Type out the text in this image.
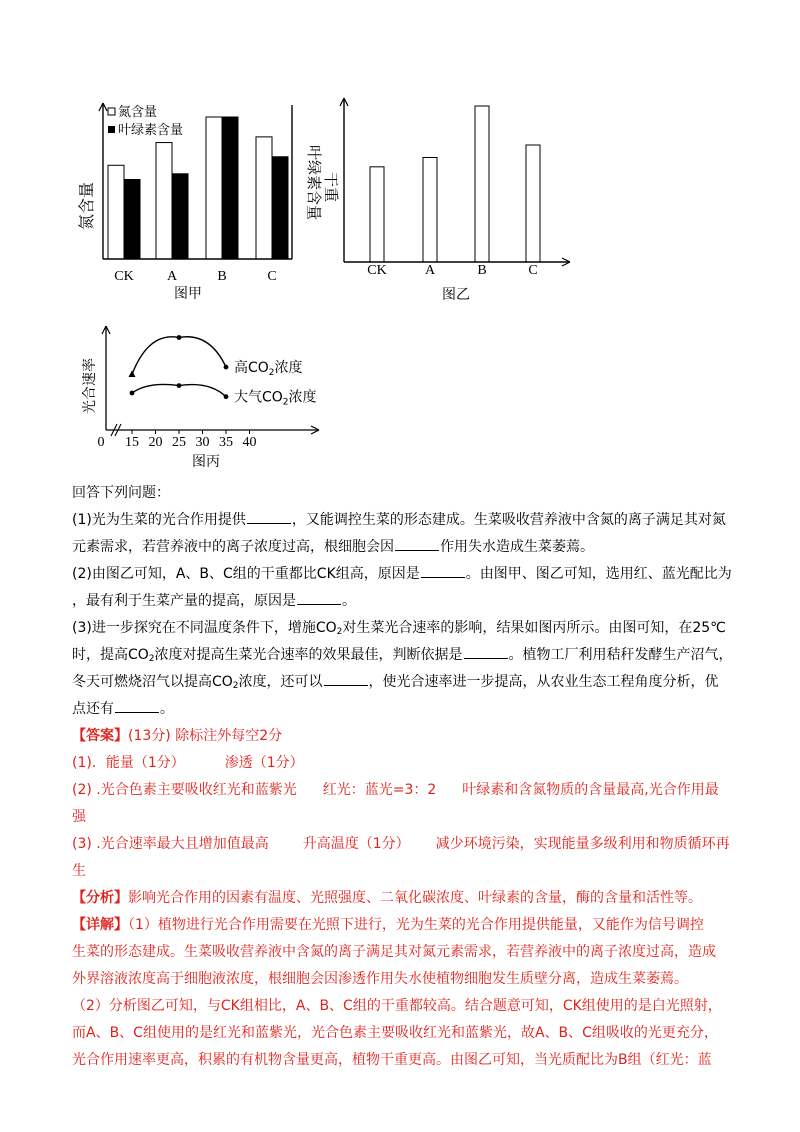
氮含量
叶绿素含量
氮含量
CK A	B	C
图甲
叶绿素含量 干重
CK	A	B	C
图乙
光合速率
0 15 20 25 30 35 40
高$CO_2$浓度
大气$CO_2$浓度
图丙
回答下列问题：
(1)光为生菜的光合作用提供	，又能调控生菜的形态建成。生菜吸收营养液中含氮的离子满足其对氮
元素需求，若营养液中的离子浓度过高，根细胞会因	作用失水造成生菜萎蔫。
(2)由图乙可知，A、B、C组的干重都比CK组高，原因是	。由图甲、图乙可知，选用红、蓝光配比为
，最有利于生菜产量的提高，原因是	。
(3)进一步探究在不同温度条件下，增施$CO_2$对生菜光合速率的影响，结果如图丙所示。由图可知，在25℃
时，提高$CO_2$浓度对提高生菜光合速率的效果最佳，判断依据是	。植物工厂利用秸秆发酵生产沼气，
冬天可燃烧沼气以提高$CO_2$浓度，还可以	，使光合速率进一步提高，从农业生态工程角度分析，优
点还有	。
【答案】(13分) 除标注外每空2分
(1)．能量（1分）	渗透（1分）
(2) .光合色素主要吸收红光和蓝紫光 红光：蓝光=3：2 叶绿素和含氮物质的含量最高,光合作用最
强
(3) .光合速率最大且增加值最高 升高温度（1分） 减少环境污染，实现能量多级利用和物质循环再
生
【分析】影响光合作用的因素有温度、光照强度、二氧化碳浓度、叶绿素的含量，酶的含量和活性等。
【详解】（1）植物进行光合作用需要在光照下进行，光为生菜的光合作用提供能量，又能作为信号调控
生菜的形态建成。生菜吸收营养液中含氮的离子满足其对氮元素需求，若营养液中的离子浓度过高，造成
外界溶液浓度高于细胞液浓度，根细胞会因渗透作用失水使植物细胞发生质壁分离，造成生菜萎蔫。
（2）分析图乙可知，与CK组相比，A、B、C组的干重都较高。结合题意可知，CK组使用的是白光照射，
而A、B、C组使用的是红光和蓝紫光，光合色素主要吸收红光和蓝紫光，故A、B、C组吸收的光更充分，
光合作用速率更高，积累的有机物含量更高，植物干重更高。由图乙可知，当光质配比为B组（红光：蓝
